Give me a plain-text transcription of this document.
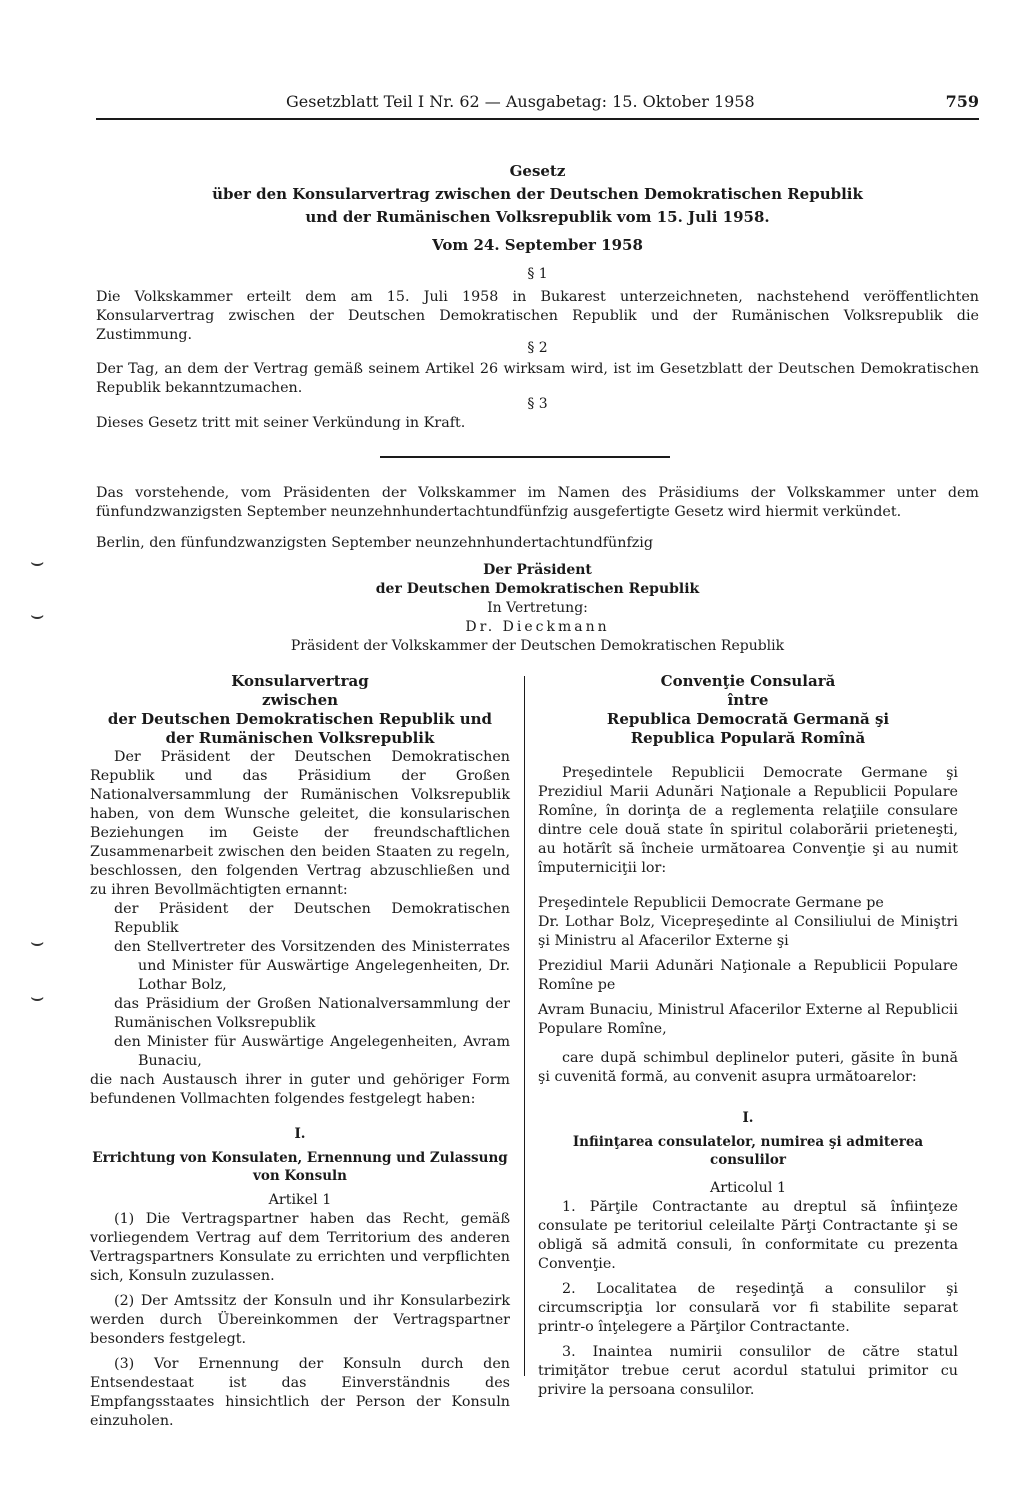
Gesetzblatt Teil I Nr. 62 — Ausgabetag: 15. Oktober 1958	759
Gesetz
über den Konsularvertrag zwischen der Deutschen Demokratischen Republik
und der Rumänischen Volksrepublik vom 15. Juli 1958.
Vom 24. September 1958
§ 1
Die Volkskammer erteilt dem am 15. Juli 1958 in Bukarest unterzeichneten, nachstehend veröffentlichten Konsularvertrag zwischen der Deutschen Demokratischen Republik und der Rumänischen Volksrepublik die Zustimmung.
§ 2
Der Tag, an dem der Vertrag gemäß seinem Artikel 26 wirksam wird, ist im Gesetzblatt der Deutschen Demokratischen Republik bekanntzumachen.
§ 3
Dieses Gesetz tritt mit seiner Verkündung in Kraft.
Das vorstehende, vom Präsidenten der Volkskammer im Namen des Präsidiums der Volkskammer unter dem fünfundzwanzigsten September neunzehnhundertachtundfünfzig ausgefertigte Gesetz wird hiermit verkündet.
Berlin, den fünfundzwanzigsten September neunzehnhundertachtundfünfzig
Der Präsident
der Deutschen Demokratischen Republik
In Vertretung:
Dr. Dieckmann
Präsident der Volkskammer der Deutschen Demokratischen Republik
⌣
⌣
⌣
⌣
Konsularvertrag
zwischen
der Deutschen Demokratischen Republik und
der Rumänischen Volksrepublik

Der Präsident der Deutschen Demokratischen Republik und das Präsidium der Großen Nationalversammlung der Rumänischen Volksrepublik haben, von dem Wunsche geleitet, die konsularischen Beziehungen im Geiste der freundschaftlichen Zusammenarbeit zwischen den beiden Staaten zu regeln, beschlossen, den folgenden Vertrag abzuschließen und zu ihren Bevollmächtigten ernannt:

der Präsident der Deutschen Demokratischen Republik

den Stellvertreter des Vorsitzenden des Ministerrates und Minister für Auswärtige Angelegenheiten, Dr. Lothar Bolz,

das Präsidium der Großen Nationalversammlung der Rumänischen Volksrepublik

den Minister für Auswärtige Angelegenheiten, Avram Bunaciu,

die nach Austausch ihrer in guter und gehöriger Form befundenen Vollmachten folgendes festgelegt haben:

I.
Errichtung von Konsulaten, Ernennung und Zulassung von Konsuln
Artikel 1

(1) Die Vertragspartner haben das Recht, gemäß vorliegendem Vertrag auf dem Territorium des anderen Vertragspartners Konsulate zu errichten und verpflichten sich, Konsuln zuzulassen.

(2) Der Amtssitz der Konsuln und ihr Konsularbezirk werden durch Übereinkommen der Vertragspartner besonders festgelegt.

(3) Vor Ernennung der Konsuln durch den Entsendestaat ist das Einverständnis des Empfangsstaates hinsichtlich der Person der Konsuln einzuholen.

Convenţie Consulară
între
Republica Democrată Germană şi
Republica Populară Romînă

Preşedintele Republicii Democrate Germane şi Prezidiul Marii Adunări Naţionale a Republicii Populare Romîne, în dorinţa de a reglementa relaţiile consulare dintre cele două state în spiritul colaborării prieteneşti, au hotărît să încheie următoarea Convenţie şi au numit împuterniciţii lor:

Preşedintele Republicii Democrate Germane pe

Dr. Lothar Bolz, Vicepreşedinte al Consiliului de Miniştri şi Ministru al Afacerilor Externe şi

Prezidiul Marii Adunări Naţionale a Republicii Populare Romîne pe

Avram Bunaciu, Ministrul Afacerilor Externe al Republicii Populare Romîne,

care după schimbul deplinelor puteri, găsite în bună şi cuvenită formă, au convenit asupra următoarelor:

I.
Infiinţarea consulatelor, numirea şi admiterea consulilor
Articolul 1

1. Părţile Contractante au dreptul să înfiinţeze consulate pe teritoriul celeilalte Părţi Contractante şi se obligă să admită consuli, în conformitate cu prezenta Convenţie.

2. Localitatea de reşedinţă a consulilor şi circumscripţia lor consulară vor fi stabilite separat printr-o înţelegere a Părţilor Contractante.

3. Inaintea numirii consulilor de către statul trimiţător trebue cerut acordul statului primitor cu privire la persoana consulilor.
